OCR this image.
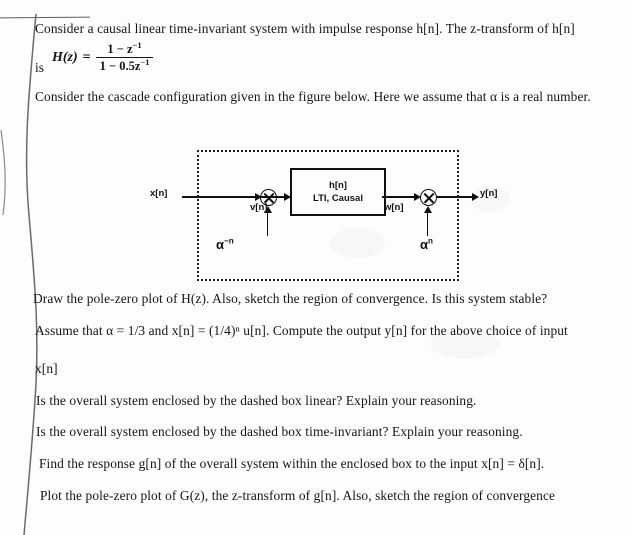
Consider a causal linear time-invariant system with impulse response h[n]. The z-transform of h[n]
is
$H(z) = \frac{1 - z^{-1}}{1 - 0.5z^{-1}}$
Consider the cascade configuration given in the figure below. Here we assume that α is a real number.
Draw the pole-zero plot of H(z). Also, sketch the region of convergence. Is this system stable?
Assume that α = 1/3 and x[n] = (1/4)ⁿ u[n]. Compute the output y[n] for the above choice of input
x[n]
Is the overall system enclosed by the dashed box linear? Explain your reasoning.
Is the overall system enclosed by the dashed box time-invariant? Explain your reasoning.
Find the response g[n] of the overall system within the enclosed box to the input x[n] = δ[n].
Plot the pole-zero plot of G(z), the z-transform of g[n]. Also, sketch the region of convergence
h[n]
LTI, Causal
x[n]
v[n]	w[n]
y[n]
$\alpha^{-n}$	$\alpha^n$
